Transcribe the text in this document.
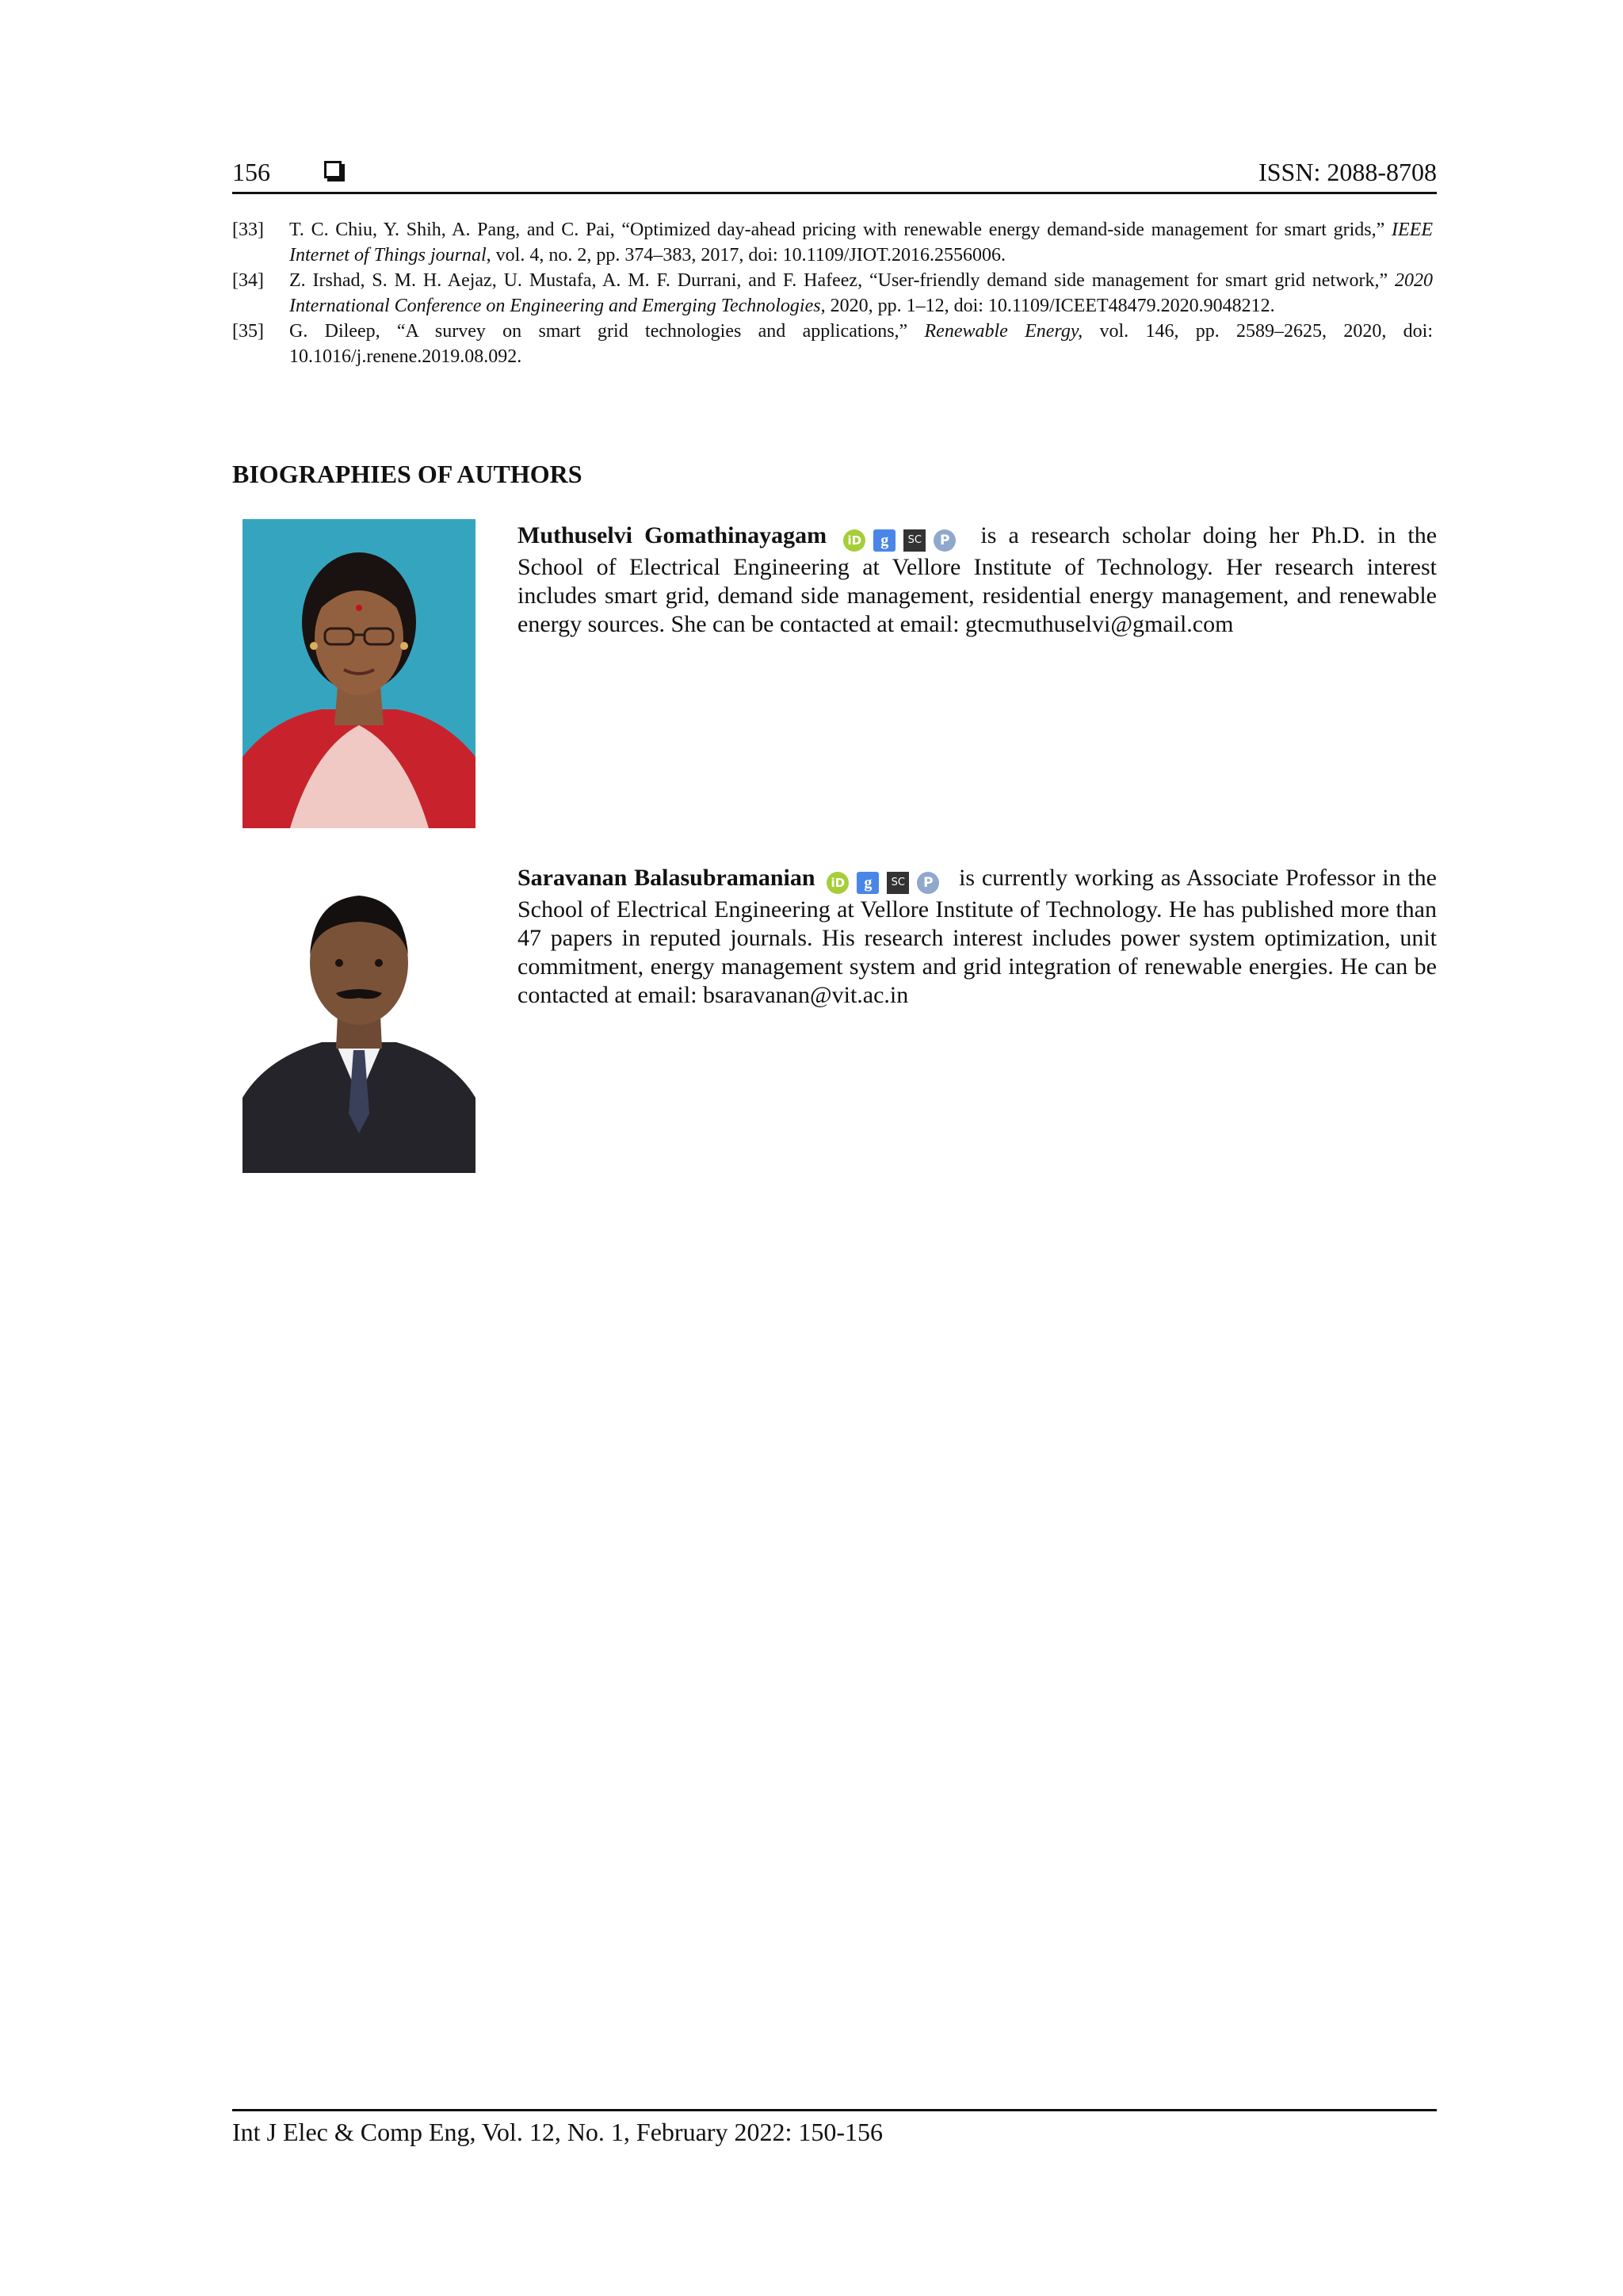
156	ISSN: 2088-8708
[33] T. C. Chiu, Y. Shih, A. Pang, and C. Pai, “Optimized day-ahead pricing with renewable energy demand-side management for smart grids,” IEEE Internet of Things journal, vol. 4, no. 2, pp. 374–383, 2017, doi: 10.1109/JIOT.2016.2556006.
[34] Z. Irshad, S. M. H. Aejaz, U. Mustafa, A. M. F. Durrani, and F. Hafeez, “User-friendly demand side management for smart grid network,” 2020 International Conference on Engineering and Emerging Technologies, 2020, pp. 1–12, doi: 10.1109/ICEET48479.2020.9048212.
[35] G. Dileep, “A survey on smart grid technologies and applications,” Renewable Energy, vol. 146, pp. 2589–2625, 2020, doi: 10.1016/j.renene.2019.08.092.
BIOGRAPHIES OF AUTHORS
Muthuselvi Gomathinayagam iD g SC P is a research scholar doing her Ph.D. in the School of Electrical Engineering at Vellore Institute of Technology. Her research interest includes smart grid, demand side management, residential energy management, and renewable energy sources. She can be contacted at email: gtecmuthuselvi@gmail.com
Saravanan Balasubramanian iD g SC P is currently working as Associate Professor in the School of Electrical Engineering at Vellore Institute of Technology. He has published more than 47 papers in reputed journals. His research interest includes power system optimization, unit commitment, energy management system and grid integration of renewable energies. He can be contacted at email: bsaravanan@vit.ac.in
Int J Elec & Comp Eng, Vol. 12, No. 1, February 2022: 150-156
